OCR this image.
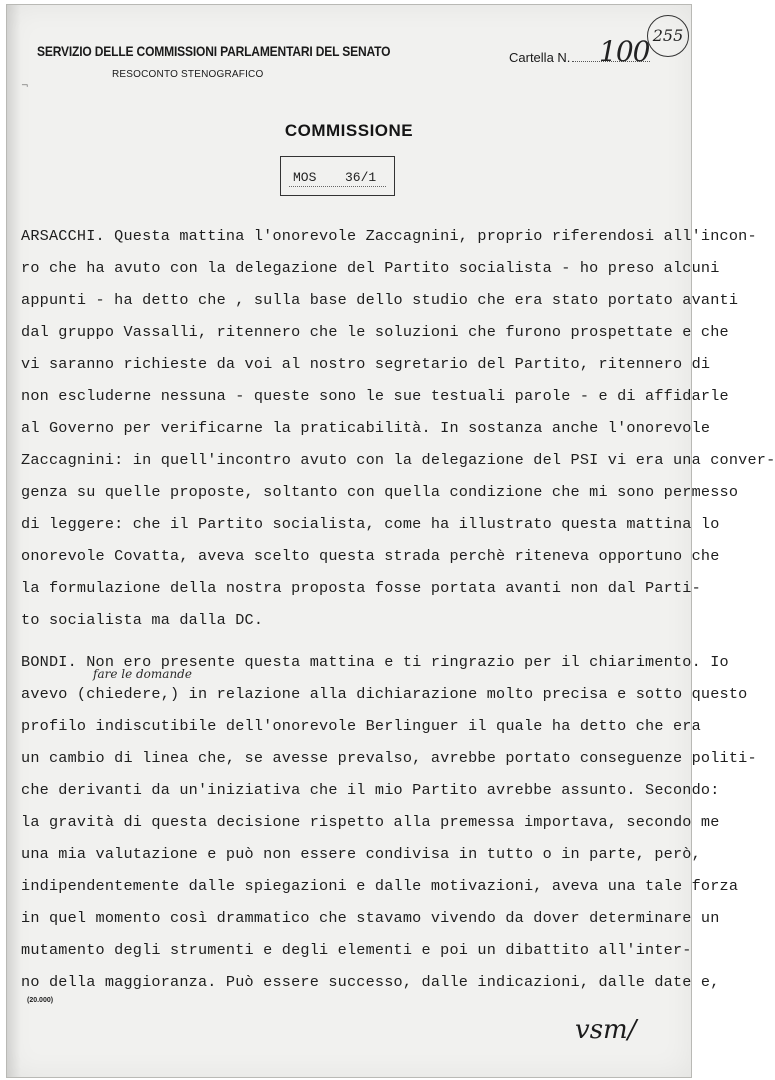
SERVIZIO DELLE COMMISSIONI PARLAMENTARI DEL SENATO
RESOCONTO STENOGRAFICO
¬
Cartella N.	100 255
COMMISSIONE
MOS 36/1
ARSACCHI. Questa mattina l'onorevole Zaccagnini, proprio riferendosi all'incon-
ro che ha avuto con la delegazione del Partito socialista - ho preso alcuni
appunti - ha detto che , sulla base dello studio che era stato portato avanti
dal gruppo Vassalli, ritennero che le soluzioni che furono prospettate e che
vi saranno richieste da voi al nostro segretario del Partito, ritennero di
non escluderne nessuna - queste sono le sue testuali parole - e di affidarle
al Governo per verificarne la praticabilità. In sostanza anche l'onorevole
Zaccagnini: in quell'incontro avuto con la delegazione del PSI vi era una conver-
genza su quelle proposte, soltanto con quella condizione che mi sono permesso
di leggere: che il Partito socialista, come ha illustrato questa mattina lo
onorevole Covatta, aveva scelto questa strada perchè riteneva opportuno che
la formulazione della nostra proposta fosse portata avanti non dal Parti-
to socialista ma dalla DC.
BONDI. Non ero presente questa mattina e ti ringrazio per il chiarimento. Io
avevo (chiedere,) in relazione alla dichiarazione molto precisa e sotto questo
profilo indiscutibile dell'onorevole Berlinguer il quale ha detto che era
un cambio di linea che, se avesse prevalso, avrebbe portato conseguenze politi-
che derivanti da un'iniziativa che il mio Partito avrebbe assunto. Secondo:
la gravità di questa decisione rispetto alla premessa importava, secondo me
una mia valutazione e può non essere condivisa in tutto o in parte, però,
indipendentemente dalle spiegazioni e dalle motivazioni, aveva una tale forza
in quel momento così drammatico che stavamo vivendo da dover determinare un
mutamento degli strumenti e degli elementi e poi un dibattito all'inter-
no della maggioranza. Può essere successo, dalle indicazioni, dalle date e,
fare le domande
(20.000)
vsm/
